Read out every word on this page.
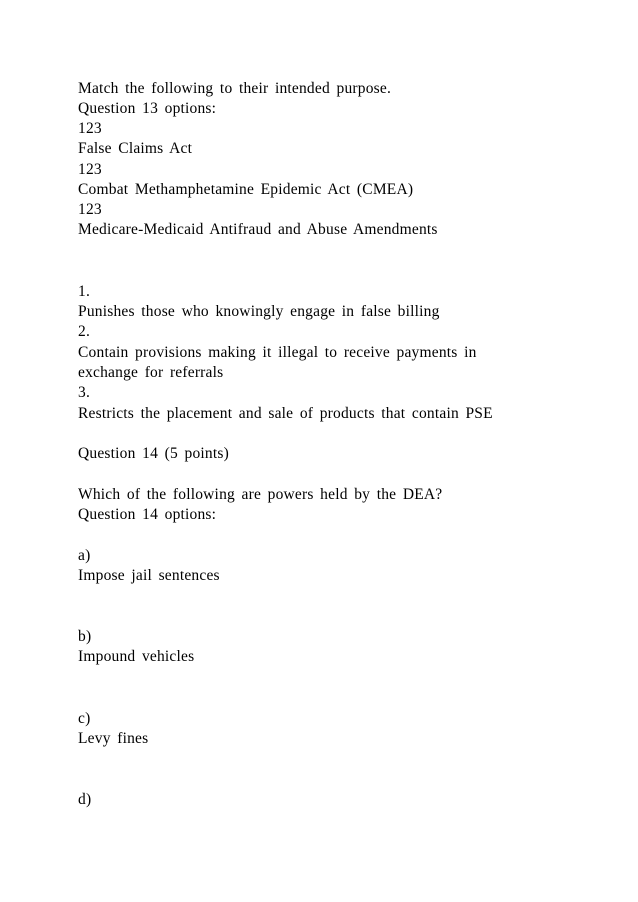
Match the following to their intended purpose.

Question 13 options:

123

False Claims Act

123

Combat Methamphetamine Epidemic Act (CMEA)

123

Medicare-Medicaid Antifraud and Abuse Amendments

1.

Punishes those who knowingly engage in false billing

2.

Contain provisions making it illegal to receive payments in

exchange for referrals

3.

Restricts the placement and sale of products that contain PSE

Question 14 (5 points)

Which of the following are powers held by the DEA?

Question 14 options:

a)

Impose jail sentences

b)

Impound vehicles

c)

Levy fines

d)
